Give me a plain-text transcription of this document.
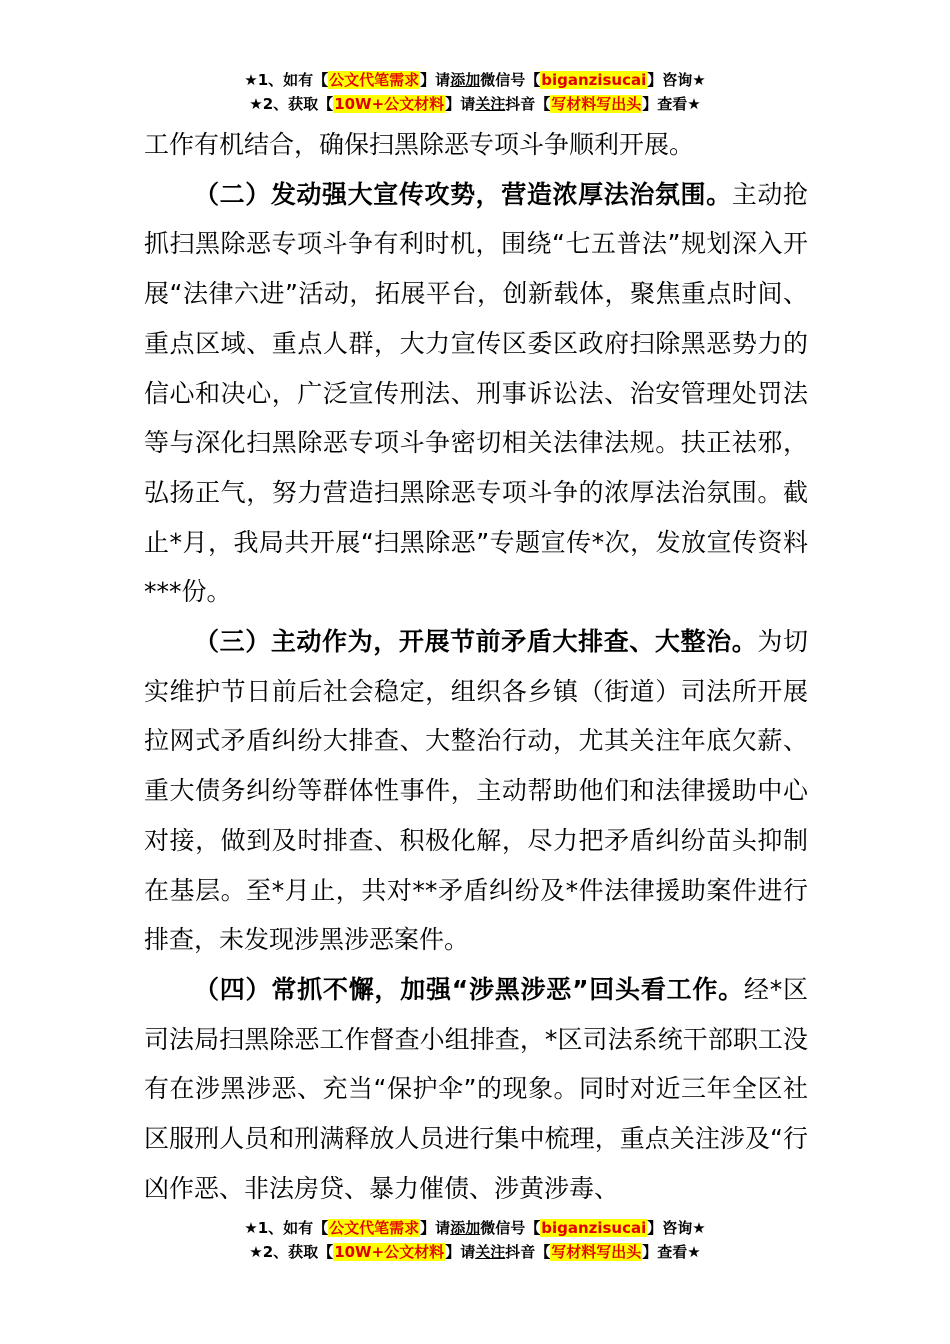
★1、如有【公文代笔需求】请添加微信号【biganzisucai】咨询★
★2、获取【10W+公文材料】请关注抖音【写材料写出头】查看★

工作有机结合，确保扫黑除恶专项斗争顺利开展。

（二）发动强大宣传攻势，营造浓厚法治氛围。主动抢抓扫黑除恶专项斗争有利时机，围绕“七五普法”规划深入开展“法律六进”活动，拓展平台，创新载体，聚焦重点时间、重点区域、重点人群，大力宣传区委区政府扫除黑恶势力的信心和决心，广泛宣传刑法、刑事诉讼法、治安管理处罚法等与深化扫黑除恶专项斗争密切相关法律法规。扶正祛邪，弘扬正气，努力营造扫黑除恶专项斗争的浓厚法治氛围。截止*月，我局共开展“扫黑除恶”专题宣传*次，发放宣传资料***份。

（三）主动作为，开展节前矛盾大排查、大整治。为切实维护节日前后社会稳定，组织各乡镇（街道）司法所开展拉网式矛盾纠纷大排查、大整治行动，尤其关注年底欠薪、重大债务纠纷等群体性事件，主动帮助他们和法律援助中心对接，做到及时排查、积极化解，尽力把矛盾纠纷苗头抑制在基层。至*月止，共对**矛盾纠纷及*件法律援助案件进行排查，未发现涉黑涉恶案件。

（四）常抓不懈，加强“涉黑涉恶”回头看工作。经*区司法局扫黑除恶工作督查小组排查，*区司法系统干部职工没有在涉黑涉恶、充当“保护伞”的现象。同时对近三年全区社区服刑人员和刑满释放人员进行集中梳理，重点关注涉及“行凶作恶、非法房贷、暴力催债、涉黄涉毒、

★1、如有【公文代笔需求】请添加微信号【biganzisucai】咨询★
★2、获取【10W+公文材料】请关注抖音【写材料写出头】查看★
